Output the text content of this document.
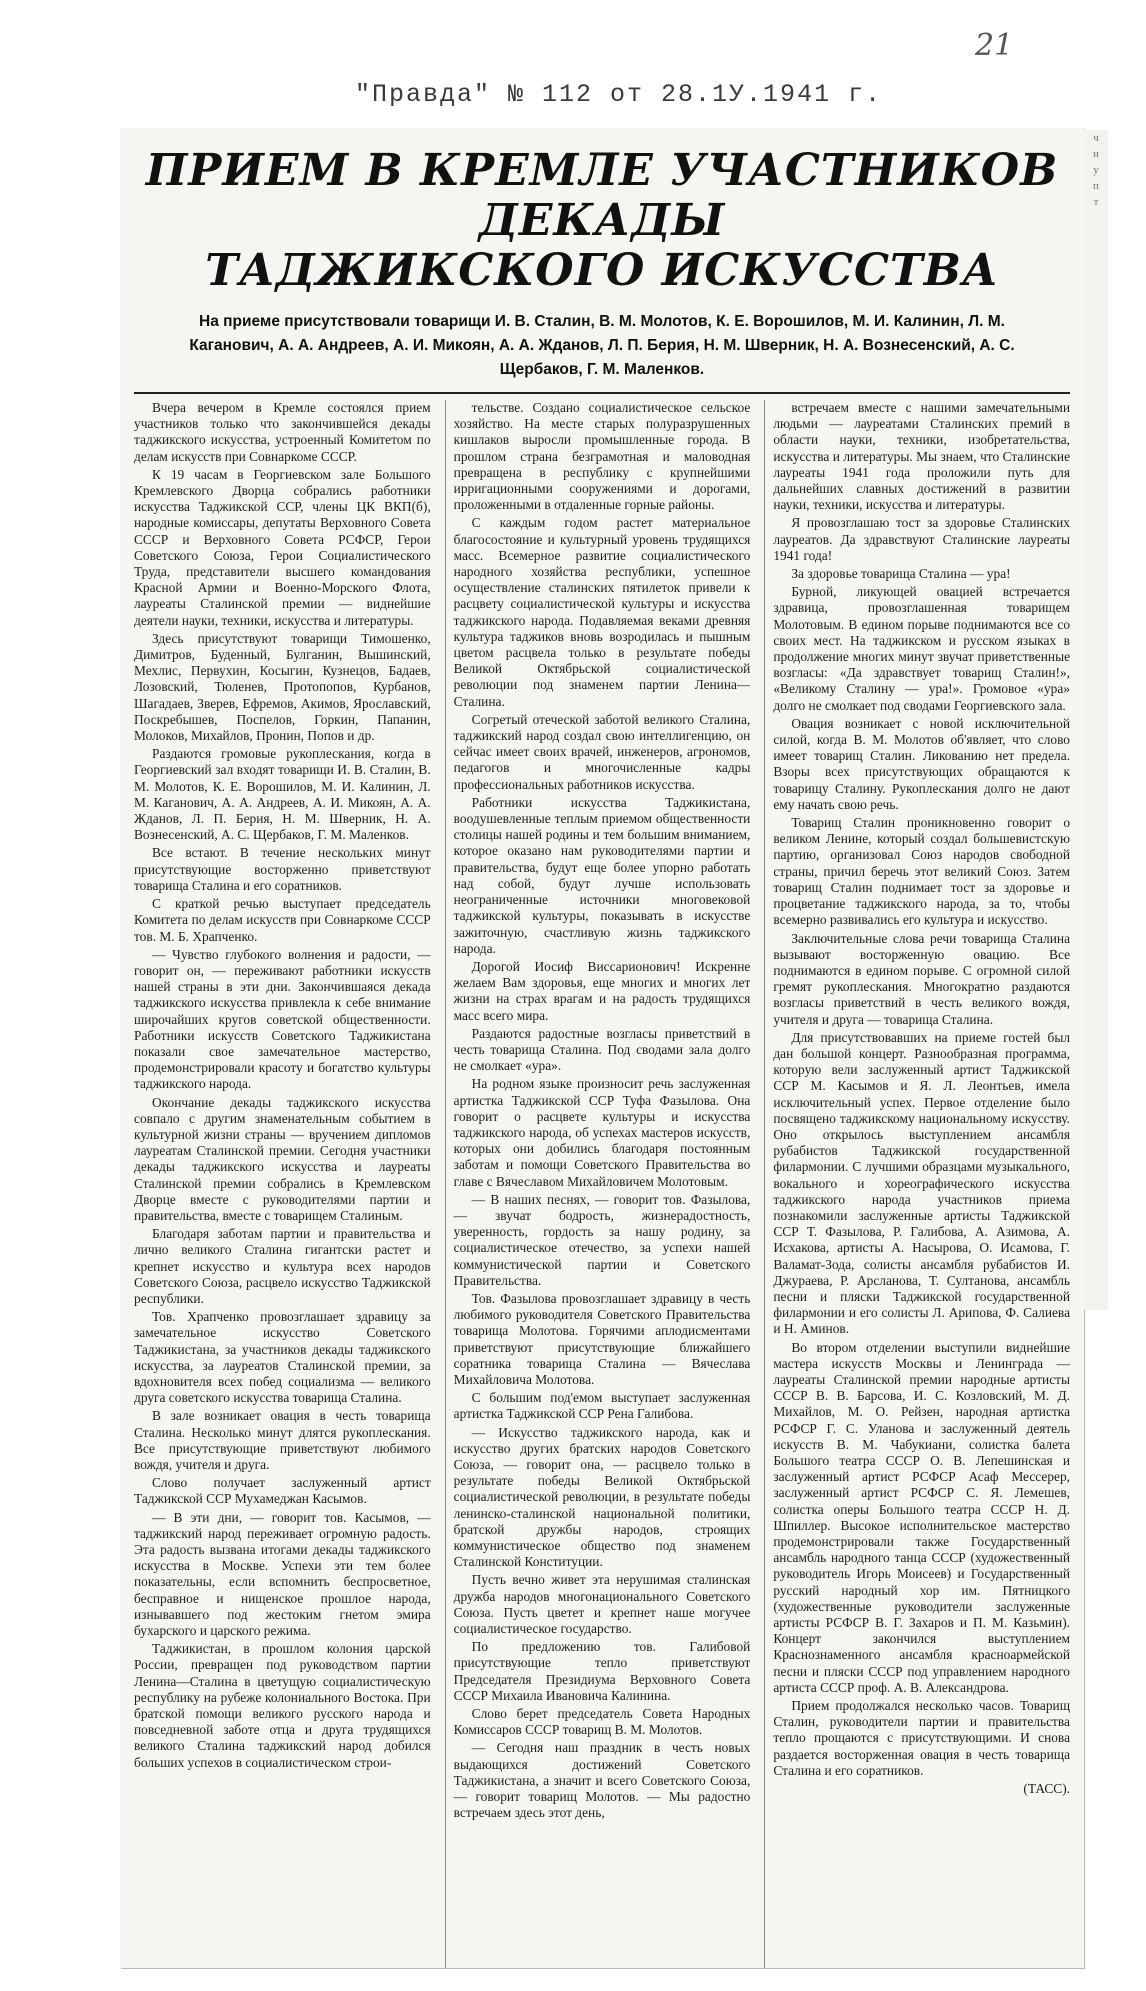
21
"Правда" № 112 от 28.1У.1941 г.
ПРИЕМ В КРЕМЛЕ УЧАСТНИКОВ ДЕКАДЫ
ТАДЖИКСКОГО ИСКУССТВА
На приеме присутствовали товарищи И. В. Сталин, В. М. Молотов, К. Е. Ворошилов, М. И. Калинин, Л. М. Каганович, А. А. Андреев, А. И. Микоян, А. А. Жданов, Л. П. Берия, Н. М. Шверник, Н. А. Вознесенский, А. С. Щербаков, Г. М. Маленков.

Вчера вечером в Кремле состоялся прием участников только что закончившейся декады таджикского искусства, устроенный Комитетом по делам искусств при Совнаркоме СССР.

К 19 часам в Георгиевском зале Большого Кремлевского Дворца собрались работники искусства Таджикской ССР, члены ЦК ВКП(б), народные комиссары, депутаты Верховного Совета СССР и Верховного Совета РСФСР, Герои Советского Союза, Герои Социалистического Труда, представители высшего командования Красной Армии и Военно-Морского Флота, лауреаты Сталинской премии — виднейшие деятели науки, техники, искусства и литературы.

Здесь присутствуют товарищи Тимошенко, Димитров, Буденный, Булганин, Вышинский, Мехлис, Первухин, Косыгин, Кузнецов, Бадаев, Лозовский, Тюленев, Протопопов, Курбанов, Шагадаев, Зверев, Ефремов, Акимов, Ярославский, Поскребышев, Поспелов, Горкин, Папанин, Молоков, Михайлов, Пронин, Попов и др.

Раздаются громовые рукоплескания, когда в Георгиевский зал входят товарищи И. В. Сталин, В. М. Молотов, К. Е. Ворошилов, М. И. Калинин, Л. М. Каганович, А. А. Андреев, А. И. Микоян, А. А. Жданов, Л. П. Берия, Н. М. Шверник, Н. А. Вознесенский, А. С. Щербаков, Г. М. Маленков.

Все встают. В течение нескольких минут присутствующие восторженно приветствуют товарища Сталина и его соратников.

С краткой речью выступает председатель Комитета по делам искусств при Совнаркоме СССР тов. М. Б. Храпченко.

— Чувство глубокого волнения и радости, — говорит он, — переживают работники искусств нашей страны в эти дни. Закончившаяся декада таджикского искусства привлекла к себе внимание широчайших кругов советской общественности. Работники искусств Советского Таджикистана показали свое замечательное мастерство, продемонстрировали красоту и богатство культуры таджикского народа.

Окончание декады таджикского искусства совпало с другим знаменательным событием в культурной жизни страны — вручением дипломов лауреатам Сталинской премии. Сегодня участники декады таджикского искусства и лауреаты Сталинской премии собрались в Кремлевском Дворце вместе с руководителями партии и правительства, вместе с товарищем Сталиным.

Благодаря заботам партии и правительства и лично великого Сталина гигантски растет и крепнет искусство и культура всех народов Советского Союза, расцвело искусство Таджикской республики.

Тов. Храпченко провозглашает здравицу за замечательное искусство Советского Таджикистана, за участников декады таджикского искусства, за лауреатов Сталинской премии, за вдохновителя всех побед социализма — великого друга советского искусства товарища Сталина.

В зале возникает овация в честь товарища Сталина. Несколько минут длятся рукоплескания. Все присутствующие приветствуют любимого вождя, учителя и друга.

Слово получает заслуженный артист Таджикской ССР Мухамеджан Касымов.

— В эти дни, — говорит тов. Касымов, — таджикский народ переживает огромную радость. Эта радость вызвана итогами декады таджикского искусства в Москве. Успехи эти тем более показательны, если вспомнить беспросветное, бесправное и нищенское прошлое народа, изнывавшего под жестоким гнетом эмира бухарского и царского режима.

Таджикистан, в прошлом колония царской России, превращен под руководством партии Ленина—Сталина в цветущую социалистическую республику на рубеже колониального Востока. При братской помощи великого русского народа и повседневной заботе отца и друга трудящихся великого Сталина таджикский народ добился больших успехов в социалистическом строи-

тельстве. Создано социалистическое сельское хозяйство. На месте старых полуразрушенных кишлаков выросли промышленные города. В прошлом страна безграмотная и маловодная превращена в республику с крупнейшими ирригационными сооружениями и дорогами, проложенными в отдаленные горные районы.

С каждым годом растет материальное благосостояние и культурный уровень трудящихся масс. Всемерное развитие социалистического народного хозяйства республики, успешное осуществление сталинских пятилеток привели к расцвету социалистической культуры и искусства таджикского народа. Подавляемая веками древняя культура таджиков вновь возродилась и пышным цветом расцвела только в результате победы Великой Октябрьской социалистической революции под знаменем партии Ленина—Сталина.

Согретый отеческой заботой великого Сталина, таджикский народ создал свою интеллигенцию, он сейчас имеет своих врачей, инженеров, агрономов, педагогов и многочисленные кадры профессиональных работников искусства.

Работники искусства Таджикистана, воодушевленные теплым приемом общественности столицы нашей родины и тем большим вниманием, которое оказано нам руководителями партии и правительства, будут еще более упорно работать над собой, будут лучше использовать неограниченные источники многовековой таджикской культуры, показывать в искусстве зажиточную, счастливую жизнь таджикского народа.

Дорогой Иосиф Виссарионович! Искренне желаем Вам здоровья, еще многих и многих лет жизни на страх врагам и на радость трудящихся масс всего мира.

Раздаются радостные возгласы приветствий в честь товарища Сталина. Под сводами зала долго не смолкает «ура».

На родном языке произносит речь заслуженная артистка Таджикской ССР Туфа Фазылова. Она говорит о расцвете культуры и искусства таджикского народа, об успехах мастеров искусств, которых они добились благодаря постоянным заботам и помощи Советского Правительства во главе с Вячеславом Михайловичем Молотовым.

— В наших песнях, — говорит тов. Фазылова, — звучат бодрость, жизнерадостность, уверенность, гордость за нашу родину, за социалистическое отечество, за успехи нашей коммунистической партии и Советского Правительства.

Тов. Фазылова провозглашает здравицу в честь любимого руководителя Советского Правительства товарища Молотова. Горячими аплодисментами приветствуют присутствующие ближайшего соратника товарища Сталина — Вячеслава Михайловича Молотова.

С большим под'емом выступает заслуженная артистка Таджикской ССР Рена Галибова.

— Искусство таджикского народа, как и искусство других братских народов Советского Союза, — говорит она, — расцвело только в результате победы Великой Октябрьской социалистической революции, в результате победы ленинско-сталинской национальной политики, братской дружбы народов, строящих коммунистическое общество под знаменем Сталинской Конституции.

Пусть вечно живет эта нерушимая сталинская дружба народов многонационального Советского Союза. Пусть цветет и крепнет наше могучее социалистическое государство.

По предложению тов. Галибовой присутствующие тепло приветствуют Председателя Президиума Верховного Совета СССР Михаила Ивановича Калинина.

Слово берет председатель Совета Народных Комиссаров СССР товарищ В. М. Молотов.

— Сегодня наш праздник в честь новых выдающихся достижений Советского Таджикистана, а значит и всего Советского Союза, — говорит товарищ Молотов. — Мы радостно встречаем здесь этот день,

встречаем вместе с нашими замечательными людьми — лауреатами Сталинских премий в области науки, техники, изобретательства, искусства и литературы. Мы знаем, что Сталинские лауреаты 1941 года проложили путь для дальнейших славных достижений в развитии науки, техники, искусства и литературы.

Я провозглашаю тост за здоровье Сталинских лауреатов. Да здравствуют Сталинские лауреаты 1941 года!

За здоровье товарища Сталина — ура!

Бурной, ликующей овацией встречается здравица, провозглашенная товарищем Молотовым. В едином порыве поднимаются все со своих мест. На таджикском и русском языках в продолжение многих минут звучат приветственные возгласы: «Да здравствует товарищ Сталин!», «Великому Сталину — ура!». Громовое «ура» долго не смолкает под сводами Георгиевского зала.

Овация возникает с новой исключительной силой, когда В. М. Молотов об'являет, что слово имеет товарищ Сталин. Ликованию нет предела. Взоры всех присутствующих обращаются к товарищу Сталину. Рукоплескания долго не дают ему начать свою речь.

Товарищ Сталин проникновенно говорит о великом Ленине, который создал большевистскую партию, организовал Союз народов свободной страны, причил беречь этот великий Союз. Затем товарищ Сталин поднимает тост за здоровье и процветание таджикского народа, за то, чтобы всемерно развивались его культура и искусство.

Заключительные слова речи товарища Сталина вызывают восторженную овацию. Все поднимаются в едином порыве. С огромной силой гремят рукоплескания. Многократно раздаются возгласы приветствий в честь великого вождя, учителя и друга — товарища Сталина.

Для присутствовавших на приеме гостей был дан большой концерт. Разнообразная программа, которую вели заслуженный артист Таджикской ССР М. Касымов и Я. Л. Леонтьев, имела исключительный успех. Первое отделение было посвящено таджикскому национальному искусству. Оно открылось выступлением ансамбля рубабистов Таджикской государственной филармонии. С лучшими образцами музыкального, вокального и хореографического искусства таджикского народа участников приема познакомили заслуженные артисты Таджикской ССР Т. Фазылова, Р. Галибова, А. Азимова, А. Исхакова, артисты А. Насырова, О. Исамова, Г. Валамат-Зода, солисты ансамбля рубабистов И. Джураева, Р. Арсланова, Т. Султанова, ансамбль песни и пляски Таджикской государственной филармонии и его солисты Л. Арипова, Ф. Салиева и Н. Аминов.

Во втором отделении выступили виднейшие мастера искусств Москвы и Ленинграда — лауреаты Сталинской премии народные артисты СССР В. В. Барсова, И. С. Козловский, М. Д. Михайлов, М. О. Рейзен, народная артистка РСФСР Г. С. Уланова и заслуженный деятель искусств В. М. Чабукиани, солистка балета Большого театра СССР О. В. Лепешинская и заслуженный артист РСФСР Асаф Мессерер, заслуженный артист РСФСР С. Я. Лемешев, солистка оперы Большого театра СССР Н. Д. Шпиллер. Высокое исполнительское мастерство продемонстрировали также Государственный ансамбль народного танца СССР (художественный руководитель Игорь Моисеев) и Государственный русский народный хор им. Пятницкого (художественные руководители заслуженные артисты РСФСР В. Г. Захаров и П. М. Казьмин). Концерт закончился выступлением Краснознаменного ансамбля красноармейской песни и пляски СССР под управлением народного артиста СССР проф. А. В. Александрова.

Прием продолжался несколько часов. Товарищ Сталин, руководители партии и правительства тепло прощаются с присутствующими. И снова раздается восторженная овация в честь товарища Сталина и его соратников.

(ТАСС).

ч
н
у
п
т
